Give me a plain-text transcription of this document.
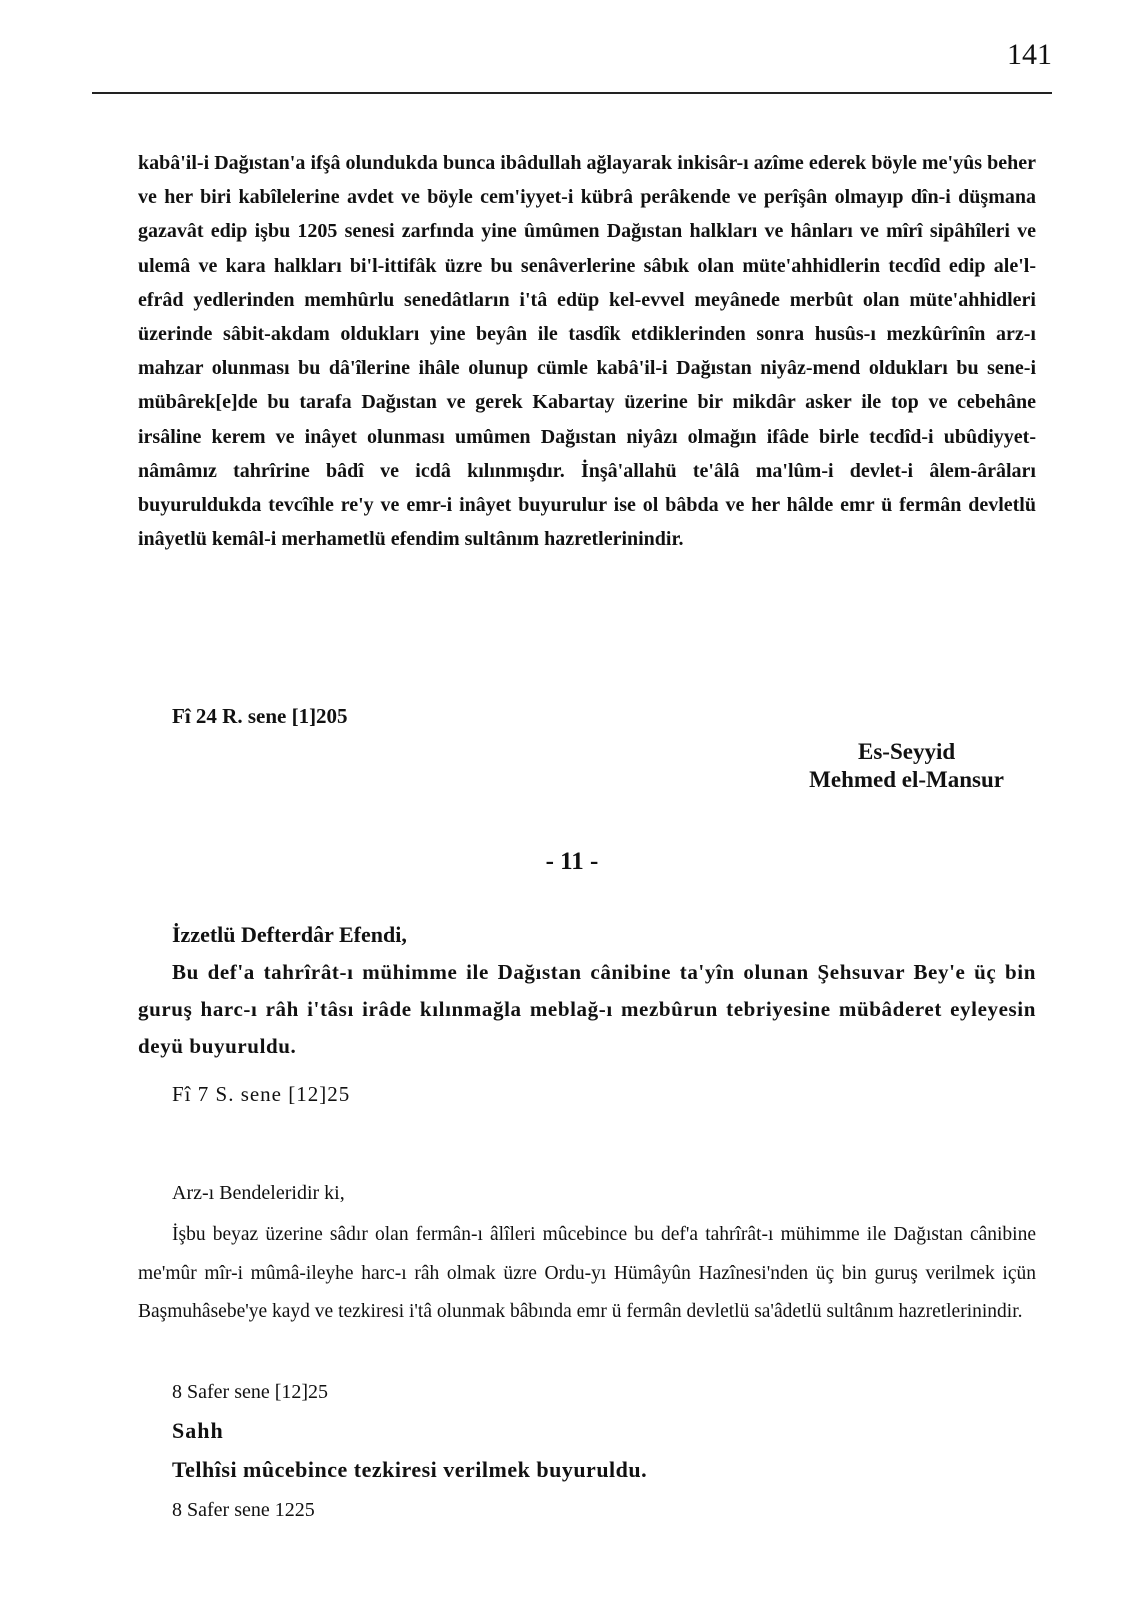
141

kabâ'il-i Dağıstan'a ifşâ olundukda bunca ibâdullah ağlayarak inkisâr-ı azîme ederek böyle me'yûs beher ve her biri kabîlelerine avdet ve böyle cem'iyyet-i kübrâ perâkende ve perîşân olmayıp dîn-i düşmana gazavât edip işbu 1205 senesi zarfında yine ûmûmen Dağıstan halkları ve hânları ve mîrî sipâhîleri ve ulemâ ve kara halkları bi'l-ittifâk üzre bu senâverlerine sâbık olan müte'ahhidlerin tecdîd edip ale'l-efrâd yedlerinden memhûrlu senedâtların i'tâ edüp kel-evvel meyânede merbût olan müte'ahhidleri üzerinde sâbit-akdam oldukları yine beyân ile tasdîk etdiklerinden sonra husûs-ı mezkûrînîn arz-ı mahzar olunması bu dâ'îlerine ihâle olunup cümle kabâ'il-i Dağıstan niyâz-mend oldukları bu sene-i mübârek[e]de bu tarafa Dağıstan ve gerek Kabartay üzerine bir mikdâr asker ile top ve cebehâne irsâline kerem ve inâyet olunması umûmen Dağıstan niyâzı olmağın ifâde birle tecdîd-i ubûdiyyet-nâmâmız tahrîrine bâdî ve icdâ kılınmışdır. İnşâ'allahü te'âlâ ma'lûm-i devlet-i âlem-ârâları buyuruldukda tevcîhle re'y ve emr-i inâyet buyurulur ise ol bâbda ve her hâlde emr ü fermân devletlü inâyetlü kemâl-i merhametlü efendim sultânım hazretlerinindir.

Fî 24 R. sene [1]205
Es-Seyyid
Mehmed el-Mansur
- 11 -
İzzetlü Defterdâr Efendi,

Bu def'a tahrîrât-ı mühimme ile Dağıstan cânibine ta'yîn olunan Şehsuvar Bey'e üç bin guruş harc-ı râh i'tâsı irâde kılınmağla meblağ-ı mezbûrun tebriyesine mübâderet eyleyesin deyü buyuruldu.

Fî 7 S. sene [12]25
Arz-ı Bendeleridir ki,

İşbu beyaz üzerine sâdır olan fermân-ı âlîleri mûcebince bu def'a tahrîrât-ı mühimme ile Dağıstan cânibine me'mûr mîr-i mûmâ-ileyhe harc-ı râh olmak üzre Ordu-yı Hümâyûn Hazînesi'nden üç bin guruş verilmek içün Başmuhâsebe'ye kayd ve tezkiresi i'tâ olunmak bâbında emr ü fermân devletlü sa'âdetlü sultânım hazretlerinindir.

8 Safer sene [12]25
Sahh
Telhîsi mûcebince tezkiresi verilmek buyuruldu.
8 Safer sene 1225
